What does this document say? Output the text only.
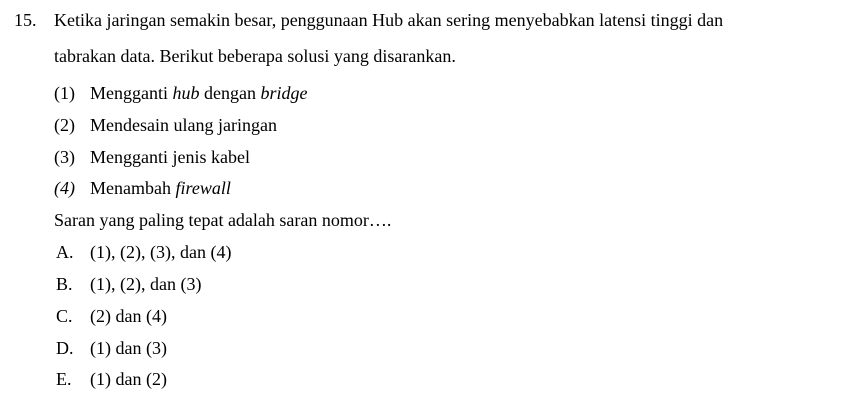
15. Ketika jaringan semakin besar, penggunaan Hub akan sering menyebabkan latensi tinggi dan
tabrakan data. Berikut beberapa solusi yang disarankan.
(1) Mengganti hub dengan bridge
(2) Mendesain ulang jaringan
(3) Mengganti jenis kabel
(4) Menambah firewall
Saran yang paling tepat adalah saran nomor….
A. (1), (2), (3), dan (4)
B. (1), (2), dan (3)
C. (2) dan (4)
D. (1) dan (3)
E. (1) dan (2)
